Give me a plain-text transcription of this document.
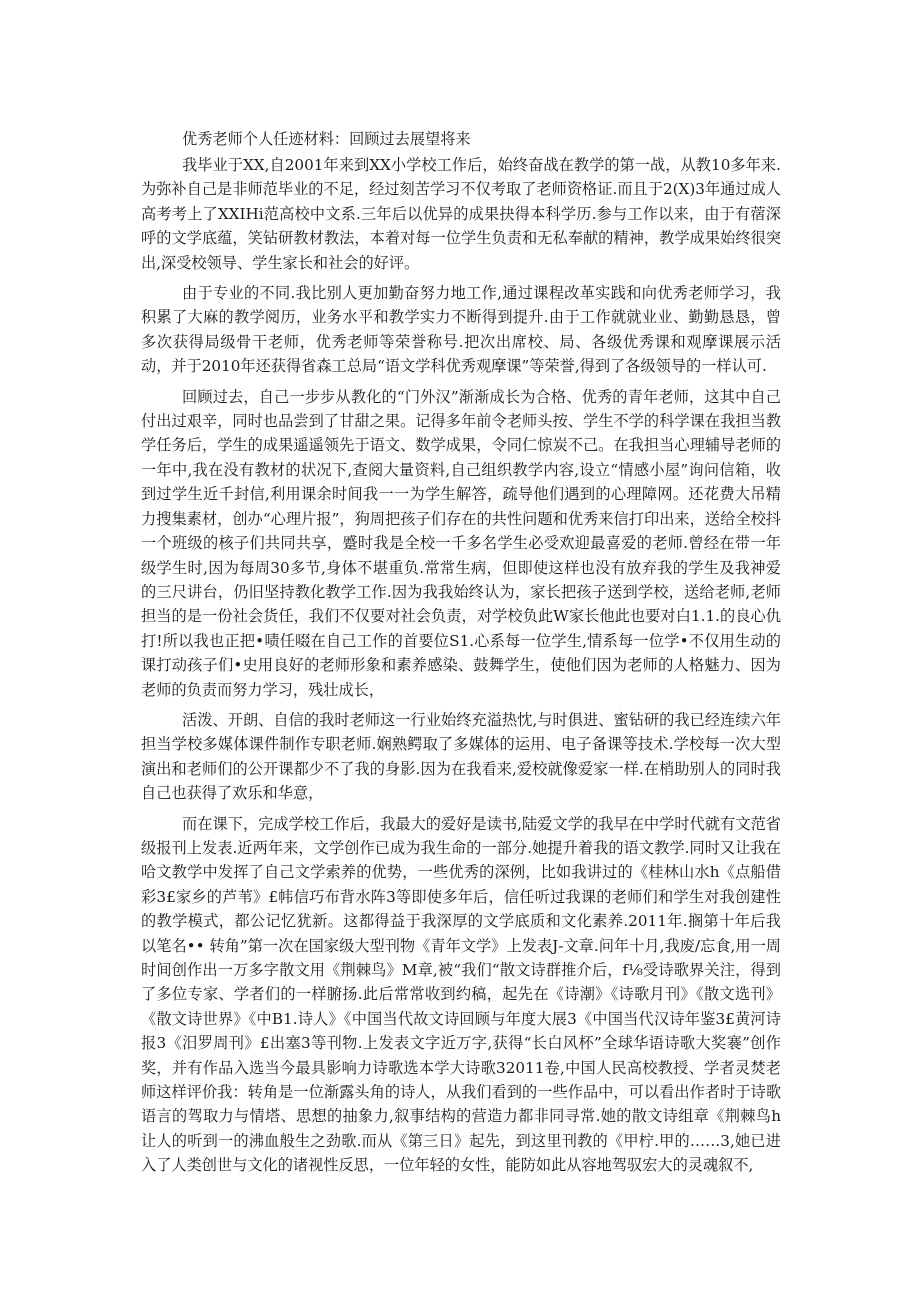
优秀老师个人任迹材料：回顾过去展望将来

我毕业于XX,自2001年来到XX小学校工作后，始终奋战在教学的第一战，从教10多年来.为弥补自己是非师范毕业的不足，经过刻苦学习不仅考取了老师资格证.而且于2(X)3年通过成人高考考上了XXIHi范高校中文系.三年后以优异的成果抉得本科学历.参与工作以来，由于有蓿深呼的文学底蕴，笑钻研教材教法，本着对每一位学生负责和无私奉献的精神，教学成果始终很突出,深受校领导、学生家长和社会的好评。

由于专业的不同.我比别人更加勤奋努力地工作,通过课程改革实践和向优秀老师学习，我积累了大麻的教学阅历，业务水平和教学实力不断得到提升.由于工作就就业业、勤勤恳恳，曾多次获得局级骨干老师，优秀老师等荣誉称号.把次出席校、局、各级优秀课和观摩课展示活动，并于2010年还获得省森工总局“语文学科优秀观摩课”等荣誉,得到了各级领导的一样认可.

回顾过去，自己一步步从教化的“门外汉”渐渐成长为合格、优秀的青年老师，这其中自己付出过艰辛，同时也品尝到了甘甜之果。记得多年前令老师头按、学生不学的科学课在我担当教学任务后，学生的成果遥遥领先于语文、数学成果，令同仁惊炭不己。在我担当心理辅导老师的一年中,我在没有教材的状况下,查阅大量资料,自己组织教学内容,设立“情感小屋”询问信箱，收到过学生近千封信,利用课余时间我一一为学生解答，疏导他们遇到的心理障网。还花费大吊精力搜集素材，创办“心理片报”，狗周把孩子们存在的共性问题和优秀来信打印出来，送给全校抖一个班级的核子们共同共享，蹙时我是全校一千多名学生必受欢迎最喜爱的老师.曾经在带一年级学生时,因为每周30多节,身体不堪重负.常常生病，但即使这样也没有放弃我的学生及我神爱的三尺讲台，仍旧坚持教化教学工作.因为我我始终认为，家长把孩子送到学校，送给老师,老师担当的是一份社会货任，我们不仅要对社会负责，对学校负此W家长他此也要对白1.1.的良心仇打!所以我也正把•啧任啜在自己工作的首要位S1.心系每一位学生,情系每一位学•不仅用生动的课打动孩子们•史用良好的老师形象和素养感染、鼓舞学生，使他们因为老师的人格魅力、因为老师的负责而努力学习，残壮成长，

活泼、开朗、自信的我时老师这一行业始终充溢热忱,与时俱进、蜜钻研的我已经连续六年担当学校多媒体课件制作专职老师.娴熟鳄取了多媒体的运用、电子备课等技术.学校每一次大型演出和老师们的公开课都少不了我的身影.因为在我看来,爱校就像爱家一样.在梢助别人的同时我自己也获得了欢乐和华意，

而在课下，完成学校工作后，我最大的爱好是读书,陆爱文学的我早在中学时代就有文范省级报刊上发表.近两年来，文学创作已成为我生命的一部分.她提升着我的语文教学.同时又让我在哈文教学中发挥了自己文学索养的优势，一些优秀的深例，比如我讲过的《桂林山水h《点船借彩3£家乡的芦苇》£帏信巧布背水阵3等即使多年后，信任听过我课的老师们和学生对我创建性的教学模式，都公记忆犹新。这都得益于我深厚的文学底质和文化素养.2011年.搁第十年后我以笔名•• 转角”第一次在国家级大型刊物《青年文学》上发表J-文章.问年十月,我废/忘食,用一周时间创作出一万多字散文用《荆棘鸟》M章,被“我们“散文诗群推介后，f⅛受诗歌界关注，得到了多位专家、学者们的一样腑扬.此后常常收到约稿，起先在《诗潮》《诗歌月刊》《散文选刊》《散文诗世界》《中B1.诗人》《中国当代故文诗回顾与年度大展3《中国当代汉诗年鉴3£黄河诗报3《汨罗周刊》£出塞3等刊物.上发表文字近万字,获得“长白风杯”全球华语诗歌大奖褰”创作奖，并有作品入选当今最具影响力诗歌选本学大诗歌32011卷,中国人民高校教授、学者灵焚老师这样评价我：转角是一位渐露头角的诗人，从我们看到的一些作品中，可以看出作者时于诗歌语言的驾取力与情塔、思想的抽象力,叙事结构的营造力都非同寻常.她的散文诗组章《荆棘鸟h让人的听到一的沸血般生之劲歌.而从《第三日》起先，到这里刊教的《甲柠.甲的……3,她已进入了人类创世与文化的诸视性反思，一位年轻的女性，能防如此从容地驾驭宏大的灵魂叙不,
